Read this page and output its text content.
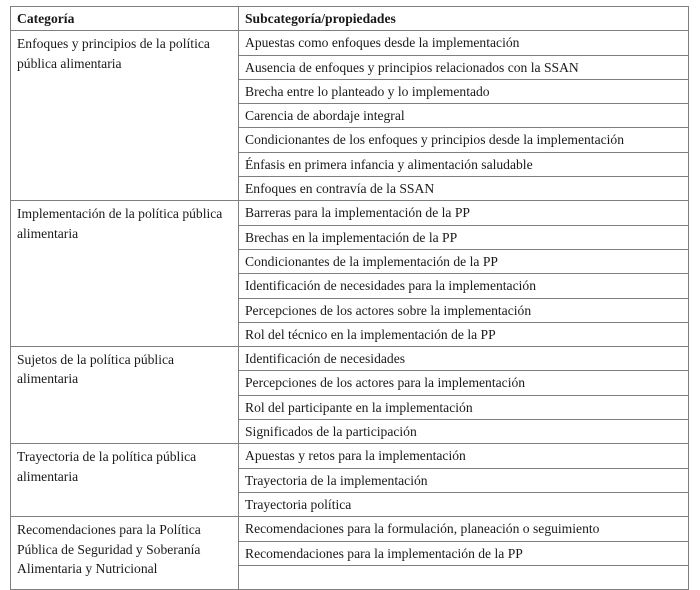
Categoría	Subcategoría/propiedades
Enfoques y principios de la política pública alimentaria	Apuestas como enfoques desde la implementación
	Ausencia de enfoques y principios relacionados con la SSAN
	Brecha entre lo planteado y lo implementado
	Carencia de abordaje integral
	Condicionantes de los enfoques y principios desde la implementación
	Énfasis en primera infancia y alimentación saludable
	Enfoques en contravía de la SSAN
Implementación de la política pública alimentaria	Barreras para la implementación de la PP
	Brechas en la implementación de la PP
	Condicionantes de la implementación de la PP
	Identificación de necesidades para la implementación
	Percepciones de los actores sobre la implementación
	Rol del técnico en la implementación de la PP
Sujetos de la política pública alimentaria	Identificación de necesidades
	Percepciones de los actores para la implementación
	Rol del participante en la implementación
	Significados de la participación
Trayectoria de la política pública alimentaria	Apuestas y retos para la implementación
	Trayectoria de la implementación
	Trayectoria política
Recomendaciones para la Política Pública de Seguridad y Soberanía Alimentaria y Nutricional	Recomendaciones para la formulación, planeación o seguimiento
	Recomendaciones para la implementación de la PP
